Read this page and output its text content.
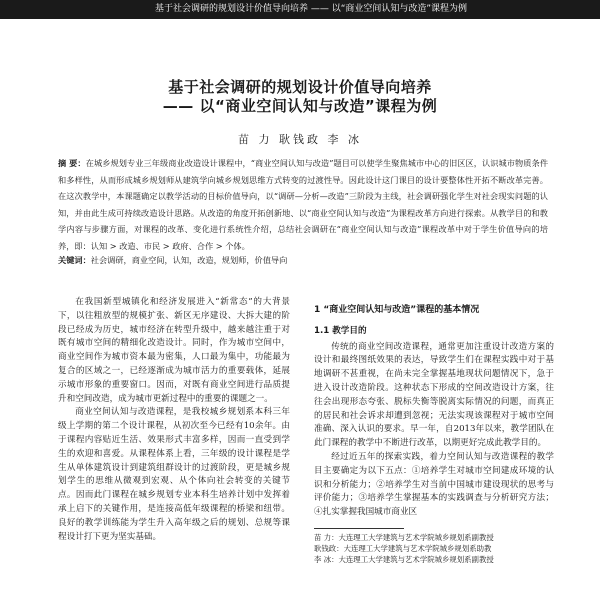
基于社会调研的规划设计价值导向培养 —— 以“商业空间认知与改造”课程为例
基于社会调研的规划设计价值导向培养
—— 以“商业空间认知与改造”课程为例
苗 力 耿钱政 李 冰

摘 要：在城乡规划专业三年级商业改造设计课程中，“商业空间认知与改造”题目可以使学生聚焦城市中心的旧区区，认识城市物质条件和多样性，从而形成城乡规划师从建筑学向城乡规划思维方式转变的过渡性导。因此设计这门课目的设计要整体性开拓不断改革完善。在这次教学中，本课题确定以教学活动的目标价值导向，以“调研—分析—改造”三阶段为主线，社会调研强化学生对社会现实问题的认知，并由此生成可持续改造设计思路。从改造的角度开拓创新地、以“商业空间认知与改造”为课程改革方向进行探索。从教学目的和教学内容与步骤方面，对课程的改革、变化进行系统性介绍，总结社会调研在“商业空间认知与改造”课程改革中对于学生价值导向的培养，即：认知 > 改造、市民 > 政府、合作 > 个体。

关键词：社会调研，商业空间，认知，改造，规划师，价值导向

在我国新型城镇化和经济发展进入“新常态”的大背景下，以往粗放型的规模扩张、新区无序建设、大拆大建的阶段已经成为历史，城市经济在转型升级中，越来越注重于对既有城市空间的精细化改造设计。同时，作为城市空间中，商业空间作为城市资本最为密集，人口最为集中，功能最为复合的区域之一，已经逐渐成为城市活力的重要载体，延展示城市形象的重要窗口。因而，对既有商业空间进行品质提升和空间改造，成为城市更新过程中的重要的课题之一。

商业空间认知与改造课程，是我校城乡规划系本科三年级上学期的第二个设计课程，从初次至今已经有10余年。由于课程内容贴近生活、效果形式丰富多样，因而一直受到学生的欢迎和喜爱。从课程体系上看，三年级的设计课程是学生从单体建筑设计到建筑组群设计的过渡阶段，更是城乡规划学生的思维从微观到宏观、从个体向社会转变的关键节点。因而此门课程在城乡规划专业本科生培养计划中发挥着承上启下的关键作用，是连接高低年级课程的桥梁和纽带。良好的教学训练能为学生升入高年级之后的规划、总规等课程设计打下更为坚实基础。

1 “商业空间认知与改造”课程的基本情况
1.1 教学目的

传统的商业空间改造课程，通常更加注重设计改造方案的设计和最终图纸效果的表达，导致学生们在课程实践中对于基地调研不甚重视，在尚未完全掌握基地现状问题情况下，急于进入设计改造阶段。这种状态下形成的空间改造设计方案，往往会出现形态夸张、脱标失衡等脱离实际情况的问题，而真正的居民和社会诉求却遭到忽视；无法实现该课程对于城市空间准确、深入认识的要求。早一年，自2013年以来，教学团队在此门课程的教学中不断进行改革，以期更好完成此教学目的。

经过近五年的探索实践，着力空间认知与改造课程的教学目主要确定为以下五点：①培养学生对城市空间建成环境的认识和分析能力；②培养学生对当前中国城市建设现状的思考与评价能力；③培养学生掌握基本的实践调查与分析研究方法；④扎实掌握我国城市商业区

苗 力：大连理工大学建筑与艺术学院城乡规划系副教授

耿钱政：大连理工大学建筑与艺术学院城乡规划系助教

李 冰：大连理工大学建筑与艺术学院城乡规划系副教授
